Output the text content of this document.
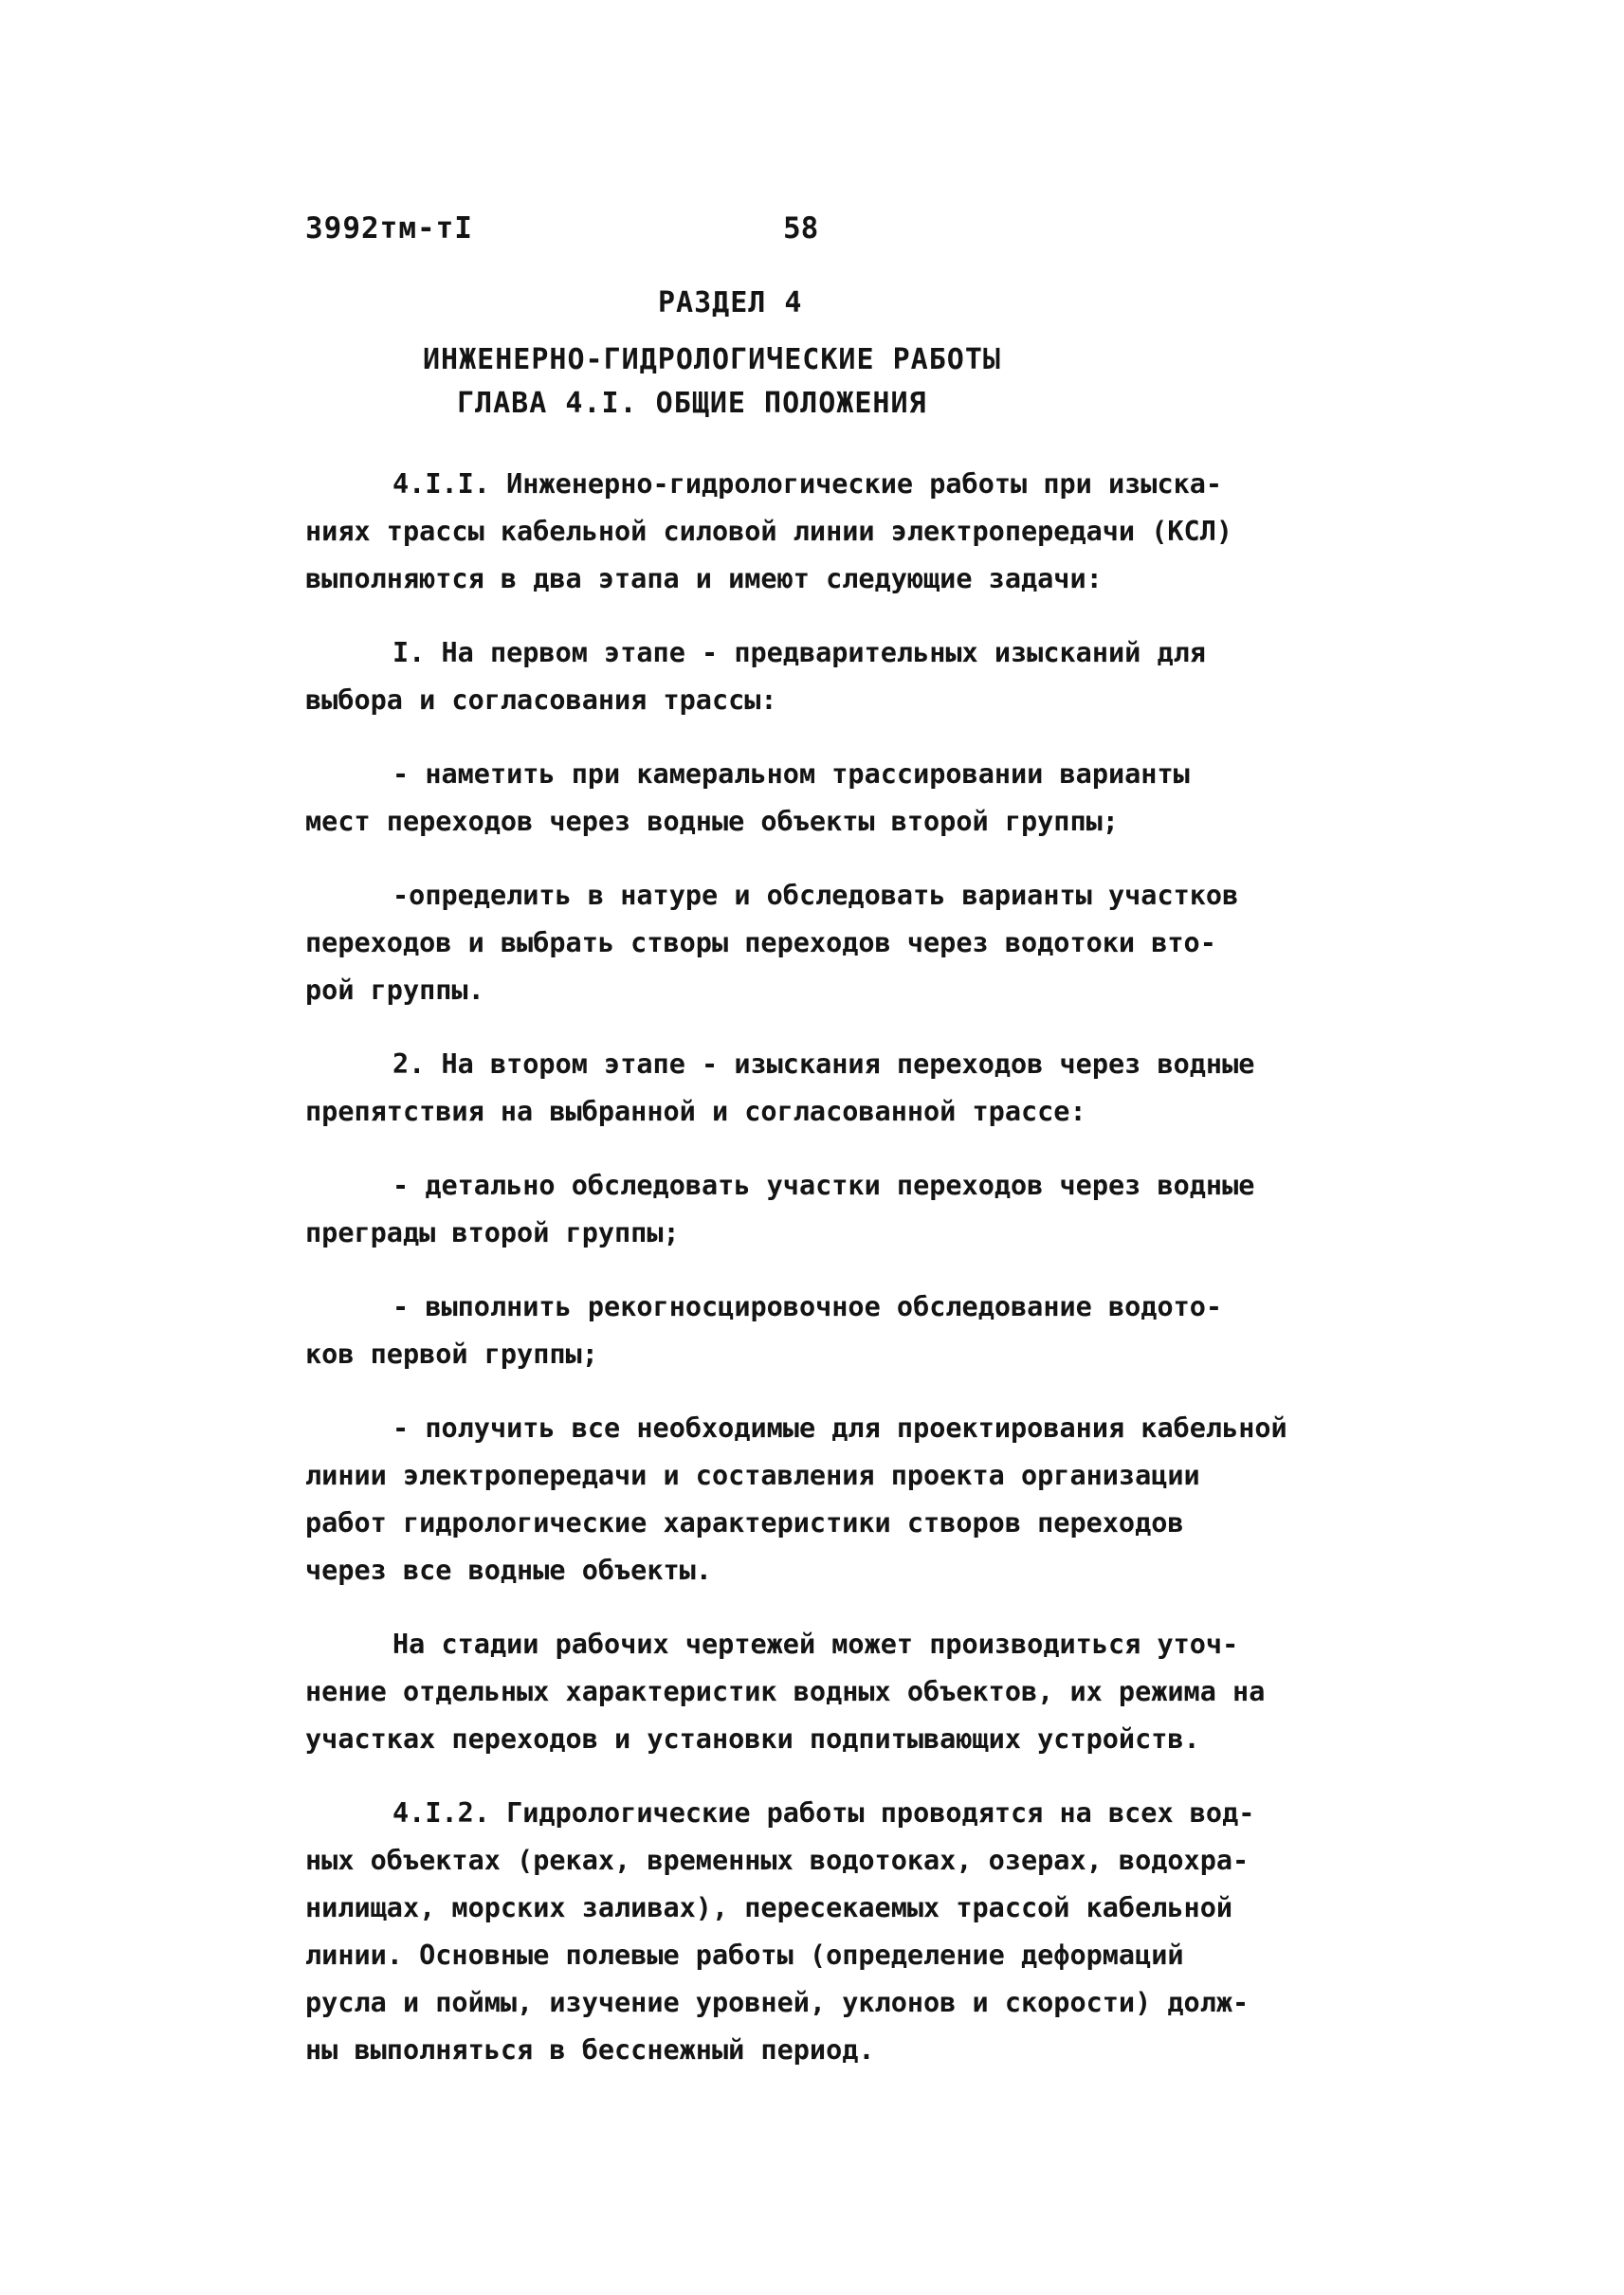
3992тм-тI	58
РАЗДЕЛ 4
ИНЖЕНЕРНО-ГИДРОЛОГИЧЕСКИЕ РАБОТЫ
ГЛАВА 4.I. ОБЩИЕ ПОЛОЖЕНИЯ
4.I.I. Инженерно-гидрологические работы при изыска-
ниях трассы кабельной силовой линии электропередачи (КСЛ)
выполняются в два этапа и имеют следующие задачи:
I. На первом этапе - предварительных изысканий для
выбора и согласования трассы:
- наметить при камеральном трассировании варианты
мест переходов через водные объекты второй группы;
-определить в натуре и обследовать варианты участков
переходов и выбрать створы переходов через водотоки вто-
рой группы.
2. На втором этапе - изыскания переходов через водные
препятствия на выбранной и согласованной трассе:
- детально обследовать участки переходов через водные
преграды второй группы;
- выполнить рекогносцировочное обследование водото-
ков первой группы;
- получить все необходимые для проектирования кабельной
линии электропередачи и составления проекта организации
работ гидрологические характеристики створов переходов
через все водные объекты.
На стадии рабочих чертежей может производиться уточ-
нение отдельных характеристик водных объектов, их режима на
участках переходов и установки подпитывающих устройств.
4.I.2. Гидрологические работы проводятся на всех вод-
ных объектах (реках, временных водотоках, озерах, водохра-
нилищах, морских заливах), пересекаемых трассой кабельной
линии. Основные полевые работы (определение деформаций
русла и поймы, изучение уровней, уклонов и скорости) долж-
ны выполняться в бесснежный период.
